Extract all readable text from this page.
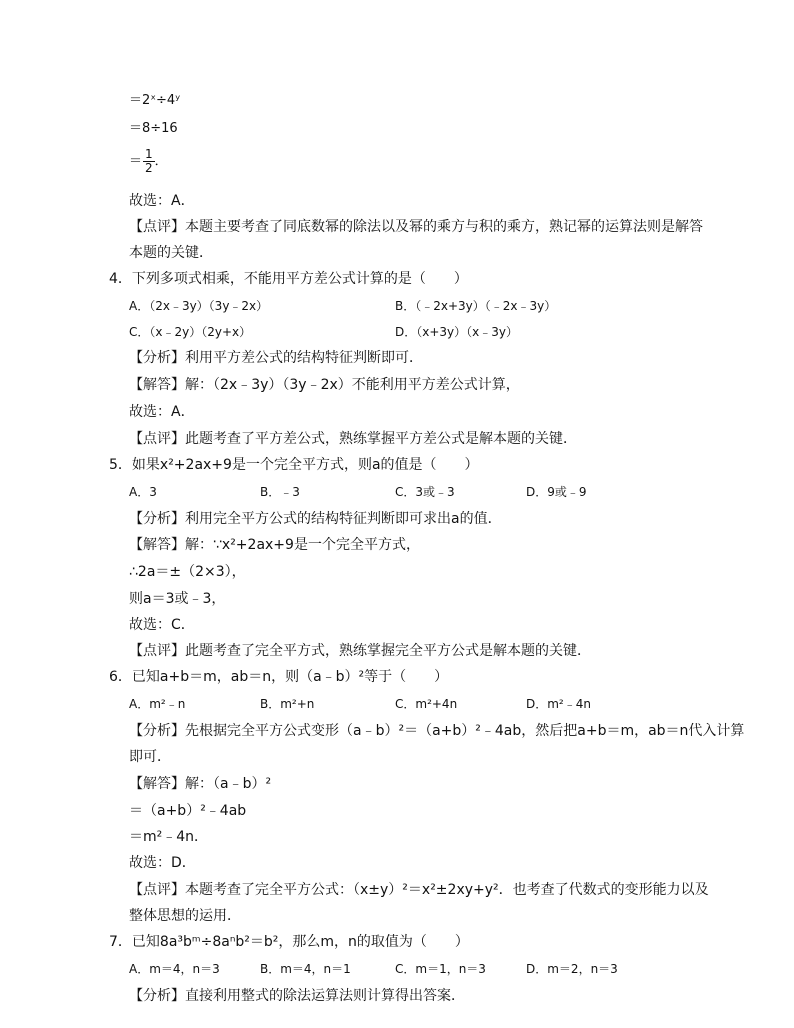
＝2ˣ÷4ʸ
＝8÷16
故选：A．
【点评】本题主要考查了同底数幂的除法以及幂的乘方与积的乘方，熟记幂的运算法则是解答
本题的关键．
4．下列多项式相乘，不能用平方差公式计算的是（　　）
【分析】利用平方差公式的结构特征判断即可．
【解答】解：（2x﹣3y）（3y﹣2x）不能利用平方差公式计算，
故选：A．
【点评】此题考查了平方差公式，熟练掌握平方差公式是解本题的关键．
5．如果x²+2ax+9是一个完全平方式，则a的值是（　　）
【分析】利用完全平方公式的结构特征判断即可求出a的值．
【解答】解：∵x²+2ax+9是一个完全平方式，
∴2a＝±（2×3），
则a＝3或﹣3，
故选：C．
【点评】此题考查了完全平方式，熟练掌握完全平方公式是解本题的关键．
6．已知a+b＝m，ab＝n，则（a﹣b）²等于（　　）
【分析】先根据完全平方公式变形（a﹣b）²＝（a+b）²﹣4ab，然后把a+b＝m，ab＝n代入计算
即可．
【解答】解：（a﹣b）²
＝（a+b）²﹣4ab
＝m²﹣4n．
故选：D．
【点评】本题考查了完全平方公式：（x±y）²＝x²±2xy+y²．也考查了代数式的变形能力以及
整体思想的运用．
7．已知8a³bᵐ÷8aⁿb²＝b²，那么m，n的取值为（　　）
【分析】直接利用整式的除法运算法则计算得出答案．
A．（2x﹣3y）（3y﹣2x）	B．（﹣2x+3y）（﹣2x﹣3y）
C．（x﹣2y）（2y+x）	D．（x+3y）（x﹣3y）
A．3	B．﹣3	C．3或﹣3	D．9或﹣9
A．m²﹣n	B．m²+n	C．m²+4n	D．m²﹣4n
A．m＝4，n＝3	B．m＝4，n＝1	C．m＝1，n＝3	D．m＝2，n＝3
＝ $\frac{1}{2}$ ．
